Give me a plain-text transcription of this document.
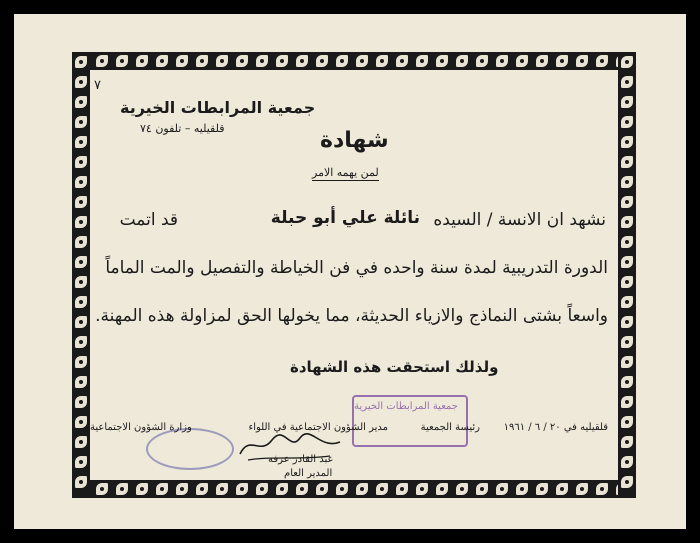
٧
جمعية المرابطات الخيرية
قلقيليه – تلفون ٧٤	شهادة
لمن يهمه الامر
نشهد ان الانسة / السيده
نائلة علي أبو حبلة
قد اتمت
الدورة التدريبية لمدة سنة واحده في فن الخياطة والتفصيل والمت الماماً
واسعاً بشتى النماذج والازياء الحديثة، مما يخولها الحق لمزاولة هذه المهنة.
ولذلك استحقت هذه الشهادة
جمعية المرابطات الخيرية
قلقيليه في ٢٠ / ٦ / ١٩٦١
رئيسة الجمعية
مدير الشؤون الاجتماعية في اللواء
وزارة الشؤون الاجتماعية
عبد القادر عرفه
المدير العام
